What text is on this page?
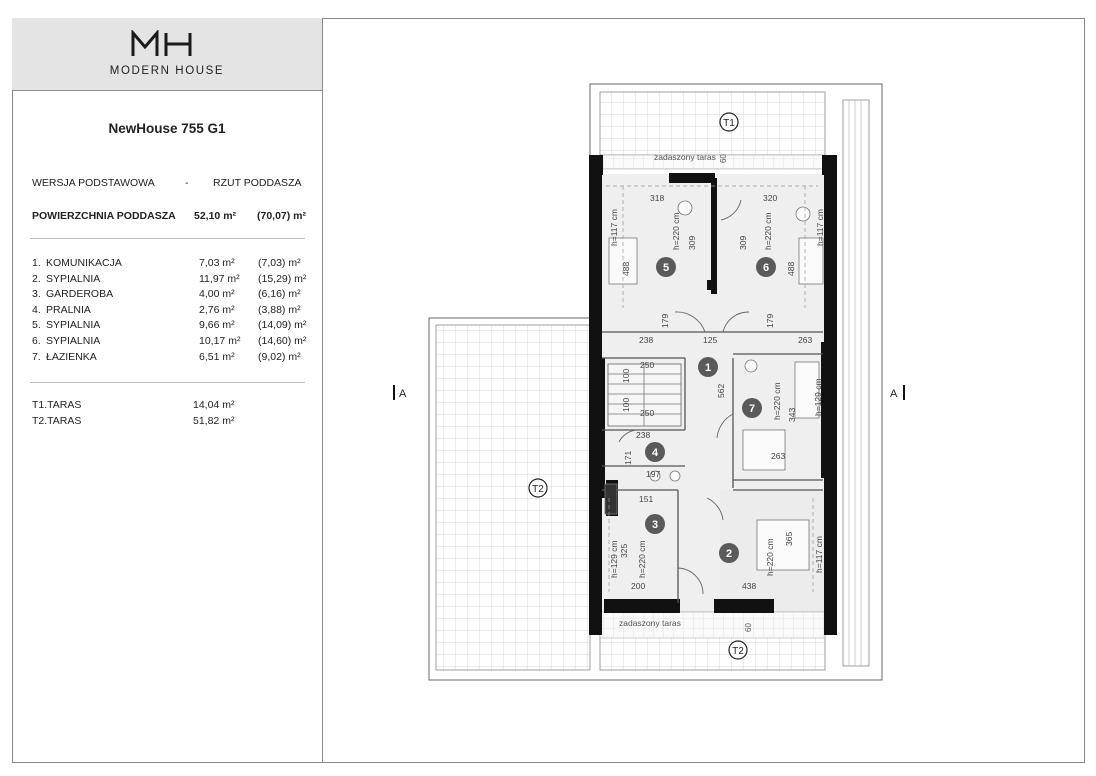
MODERN HOUSE
NewHouse 755 G1
WERSJA PODSTAWOWA	- RZUT PODDASZA
POWIERZCHNIA PODDASZA 52,10 m² (70,07) m²
1. KOMUNIKACJA	7,03 m² (7,03) m²
2. SYPIALNIA	11,97 m² (15,29) m²
3. GARDEROBA	4,00 m² (6,16) m²
4. PRALNIA	2,76 m² (3,88) m²
5. SYPIALNIA	9,66 m² (14,09) m²
6. SYPIALNIA	10,17 m² (14,60) m²
7. ŁAZIENKA	6,51 m² (9,02) m²
T1.TARAS	14,04 m²
T2.TARAS	51,82 m²
A	A
zadaszony taras 60
zadaszony taras	60
T1
T2
T2
1
2
3
4
5	6
7
318	320
309	309
488	488
179	179
125
238	263
250
250
100
100
562
343
238
263
171
197
151
325
200	438
365
h=117 cm	h=220 cm	h=220 cm	h=117 cm
h=220 cm	h=129 cm
h=129 cm h=220 cm	h=220 cm	h=117 cm
